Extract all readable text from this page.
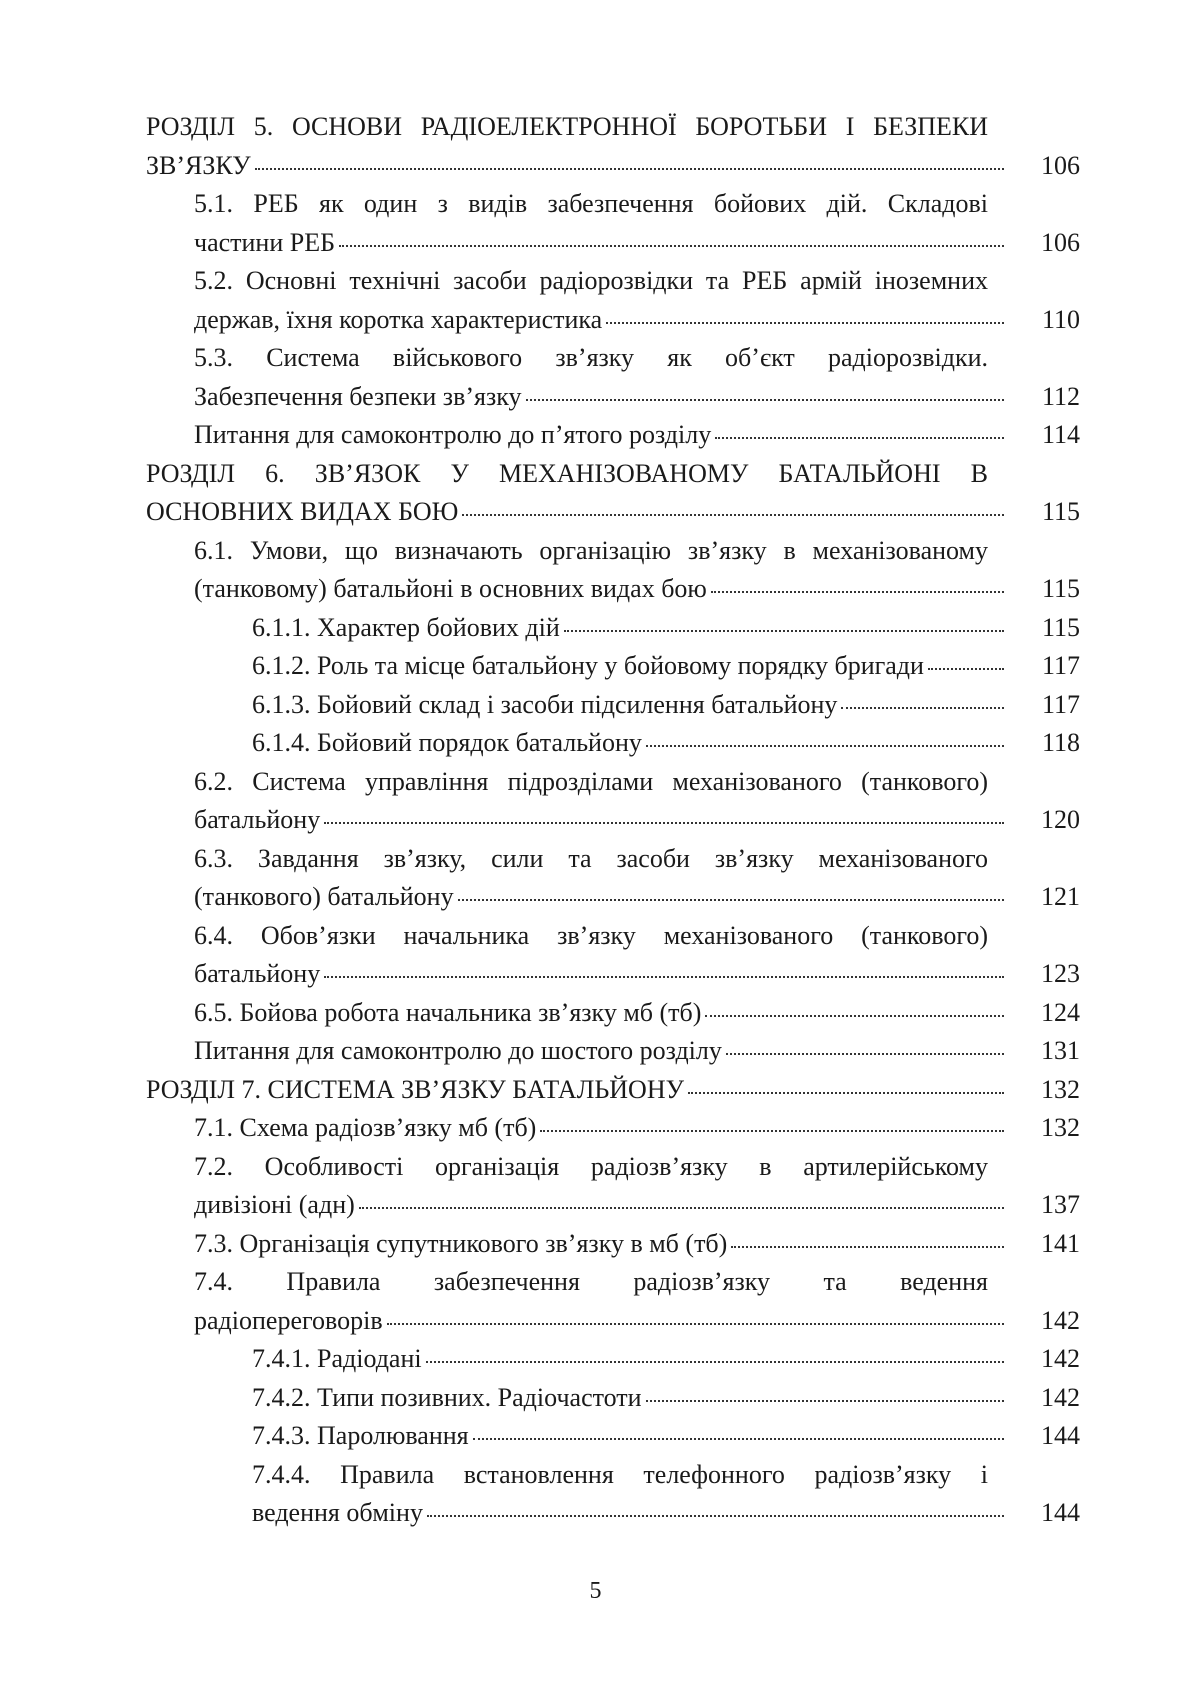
РОЗДІЛ 5. ОСНОВИ РАДІОЕЛЕКТРОННОЇ БОРОТЬБИ І БЕЗПЕКИ
ЗВ’ЯЗКУ	106
5.1. РЕБ як один з видів забезпечення бойових дій. Складові
частини РЕБ	106
5.2. Основні технічні засоби радіорозвідки та РЕБ армій іноземних
держав, їхня коротка характеристика	110
5.3. Система військового зв’язку як об’єкт радіорозвідки.
Забезпечення безпеки зв’язку	112
Питання для самоконтролю до п’ятого розділу	114
РОЗДІЛ 6. ЗВ’ЯЗОК У МЕХАНІЗОВАНОМУ БАТАЛЬЙОНІ В
ОСНОВНИХ ВИДАХ БОЮ	115
6.1. Умови, що визначають організацію зв’язку в механізованому
(танковому) батальйоні в основних видах бою	115
6.1.1. Характер бойових дій	115
6.1.2. Роль та місце батальйону у бойовому порядку бригади	117
6.1.3. Бойовий склад і засоби підсилення батальйону	117
6.1.4. Бойовий порядок батальйону	118
6.2. Система управління підрозділами механізованого (танкового)
батальйону	120
6.3. Завдання зв’язку, сили та засоби зв’язку механізованого
(танкового) батальйону	121
6.4. Обов’язки начальника зв’язку механізованого (танкового)
батальйону	123
6.5. Бойова робота начальника зв’язку мб (тб)	124
Питання для самоконтролю до шостого розділу	131
РОЗДІЛ 7. СИСТЕМА ЗВ’ЯЗКУ БАТАЛЬЙОНУ	132
7.1. Схема радіозв’язку мб (тб)	132
7.2. Особливості організація радіозв’язку в артилерійському
дивізіоні (адн)	137
7.3. Організація супутникового зв’язку в мб (тб)	141
7.4. Правила забезпечення радіозв’язку та ведення
радіопереговорів	142
7.4.1. Радіодані	142
7.4.2. Типи позивних. Радіочастоти	142
7.4.3. Паролювання	144
7.4.4. Правила встановлення телефонного радіозв’язку і
ведення обміну	144
5
